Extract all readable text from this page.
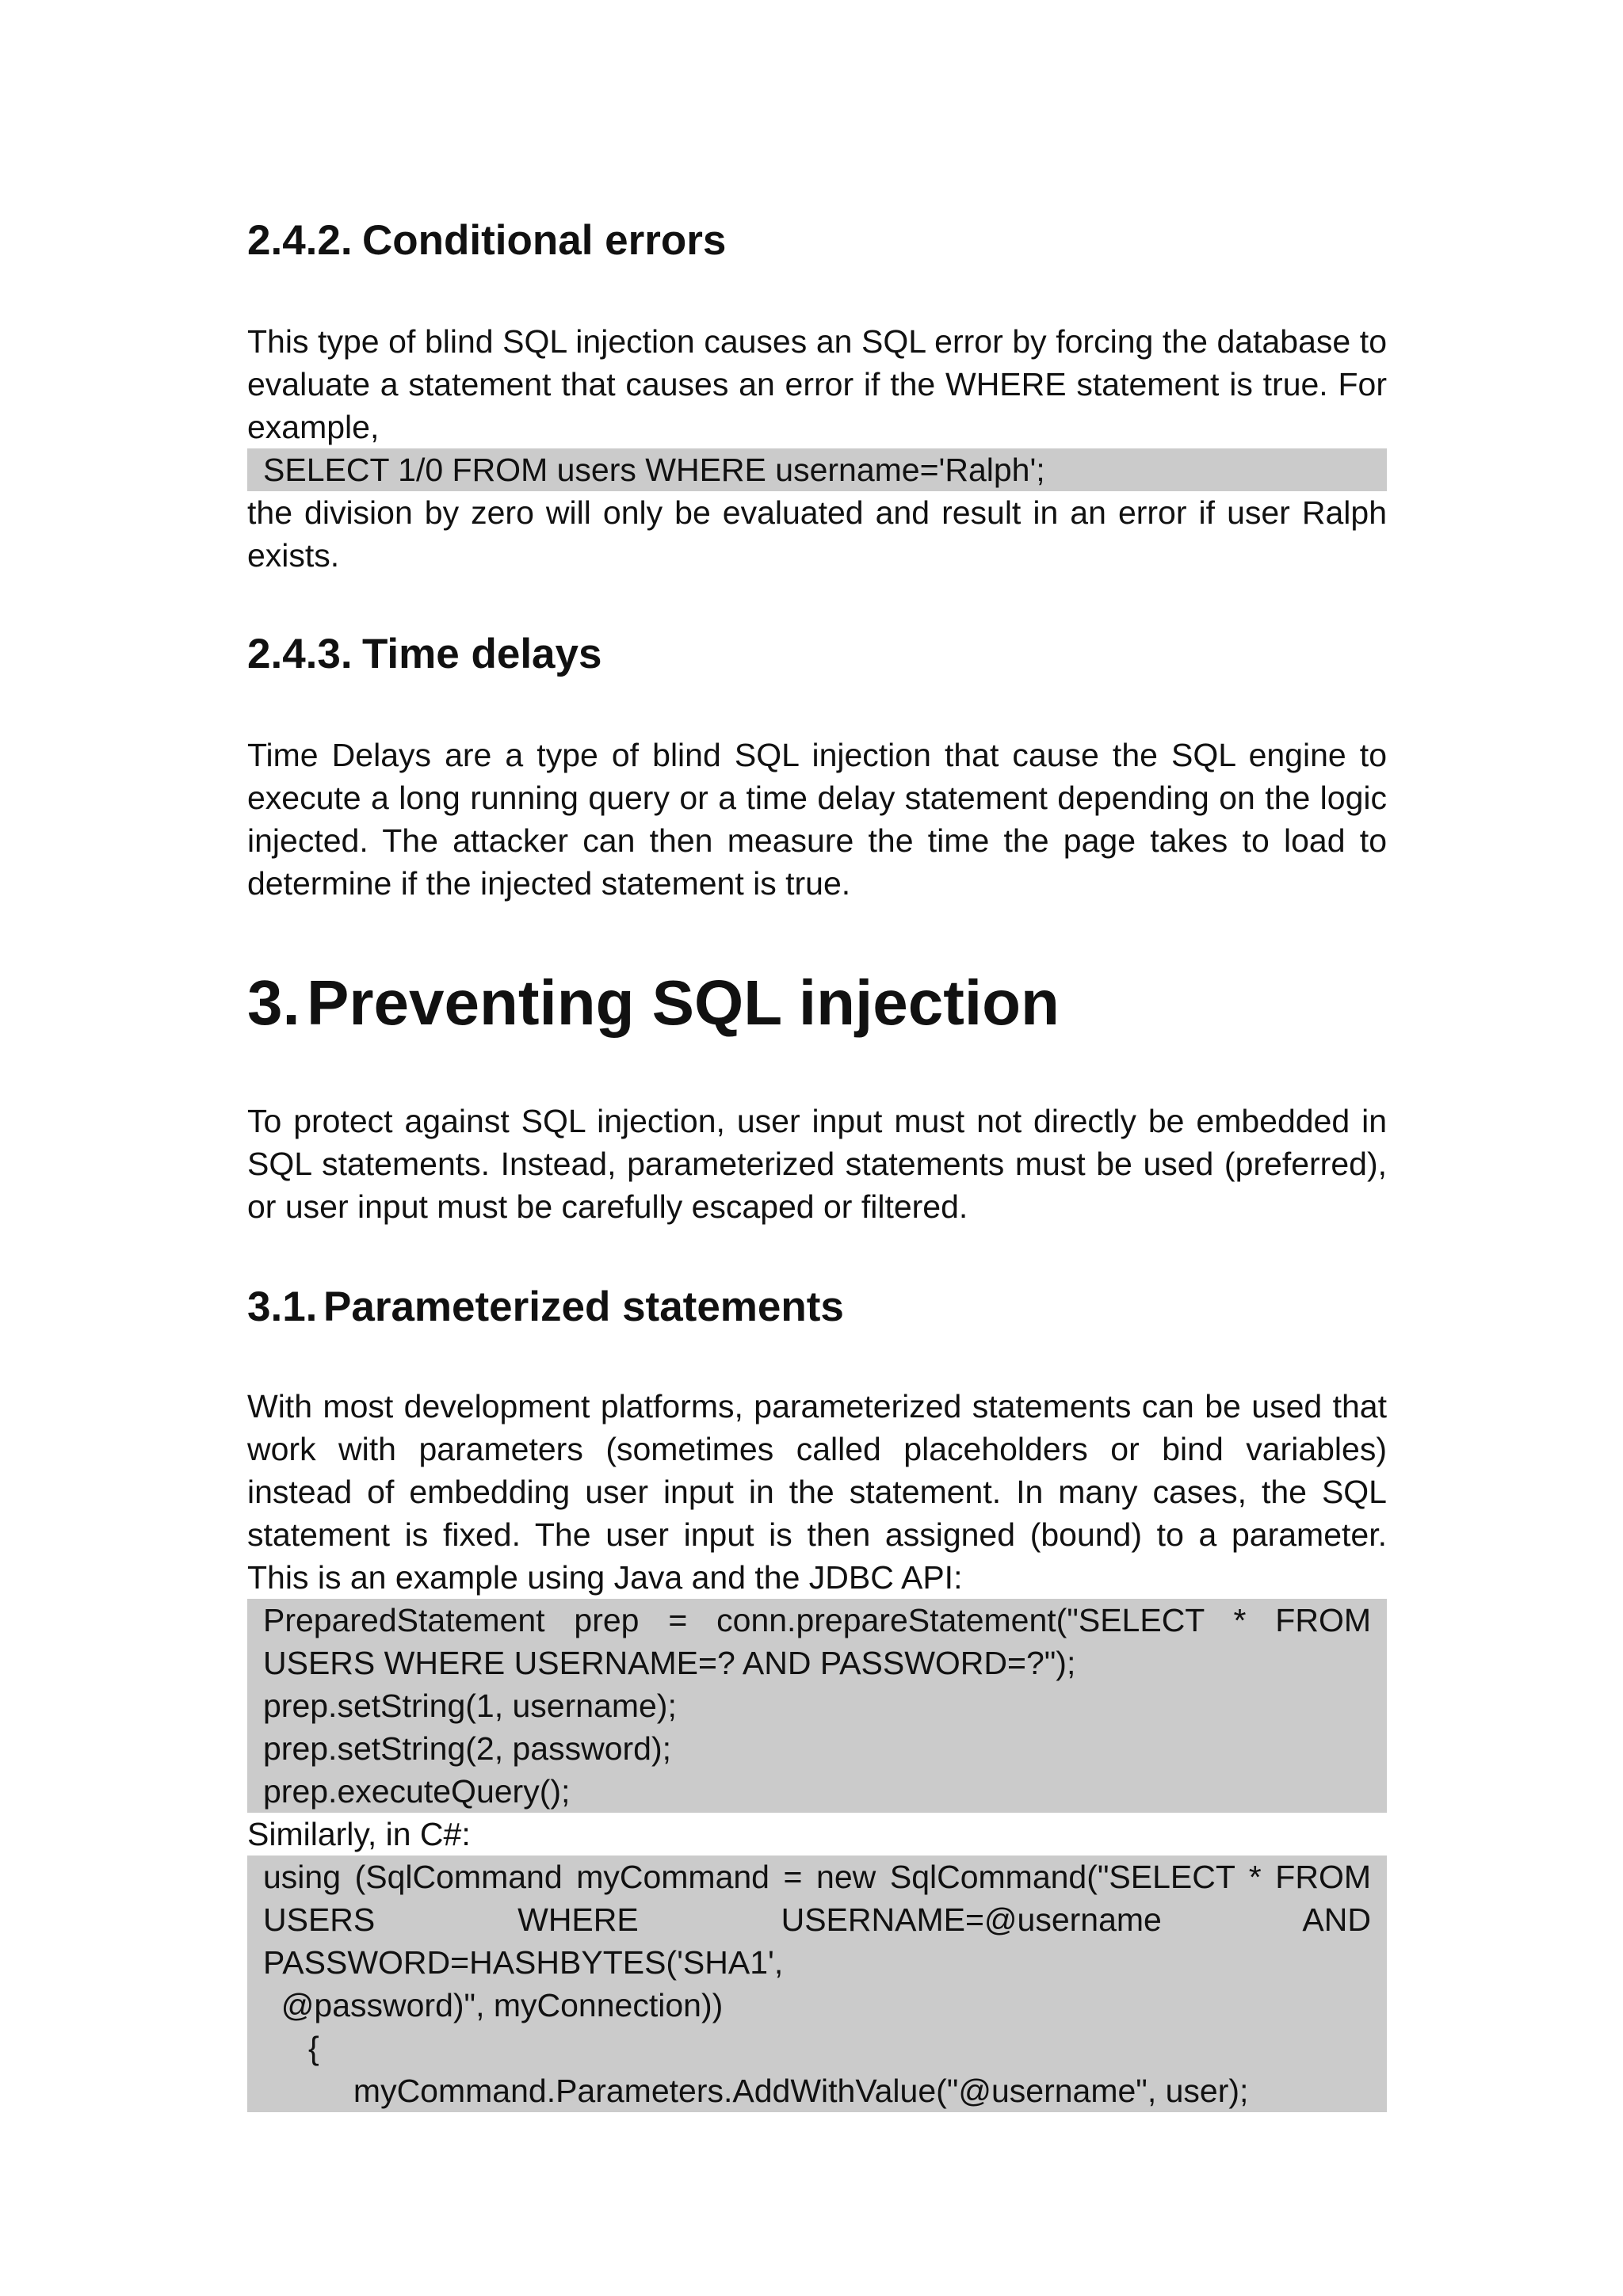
2.4.2. Conditional errors
This type of blind SQL injection causes an SQL error by forcing the database to
evaluate a statement that causes an error if the WHERE statement is true. For
example,
SELECT 1/0 FROM users WHERE username='Ralph';
the division by zero will only be evaluated and result in an error if user Ralph
exists.
2.4.3. Time delays
Time Delays are a type of blind SQL injection that cause the SQL engine to
execute a long running query or a time delay statement depending on the logic
injected. The attacker can then measure the time the page takes to load to
determine if the injected statement is true.
3. Preventing SQL injection
To protect against SQL injection, user input must not directly be embedded in
SQL statements. Instead, parameterized statements must be used (preferred),
or user input must be carefully escaped or filtered.
3.1. Parameterized statements
With most development platforms, parameterized statements can be used that
work with parameters (sometimes called placeholders or bind variables)
instead of embedding user input in the statement. In many cases, the SQL
statement is fixed. The user input is then assigned (bound) to a parameter.
This is an example using Java and the JDBC API:
PreparedStatement prep = conn.prepareStatement("SELECT * FROM
USERS WHERE USERNAME=? AND PASSWORD=?");
prep.setString(1, username);
prep.setString(2, password);
prep.executeQuery();
Similarly, in C#:
using (SqlCommand myCommand = new SqlCommand("SELECT * FROM
USERS WHERE USERNAME=@username AND
PASSWORD=HASHBYTES('SHA1',
@password)", myConnection))
{
myCommand.Parameters.AddWithValue("@username", user);
